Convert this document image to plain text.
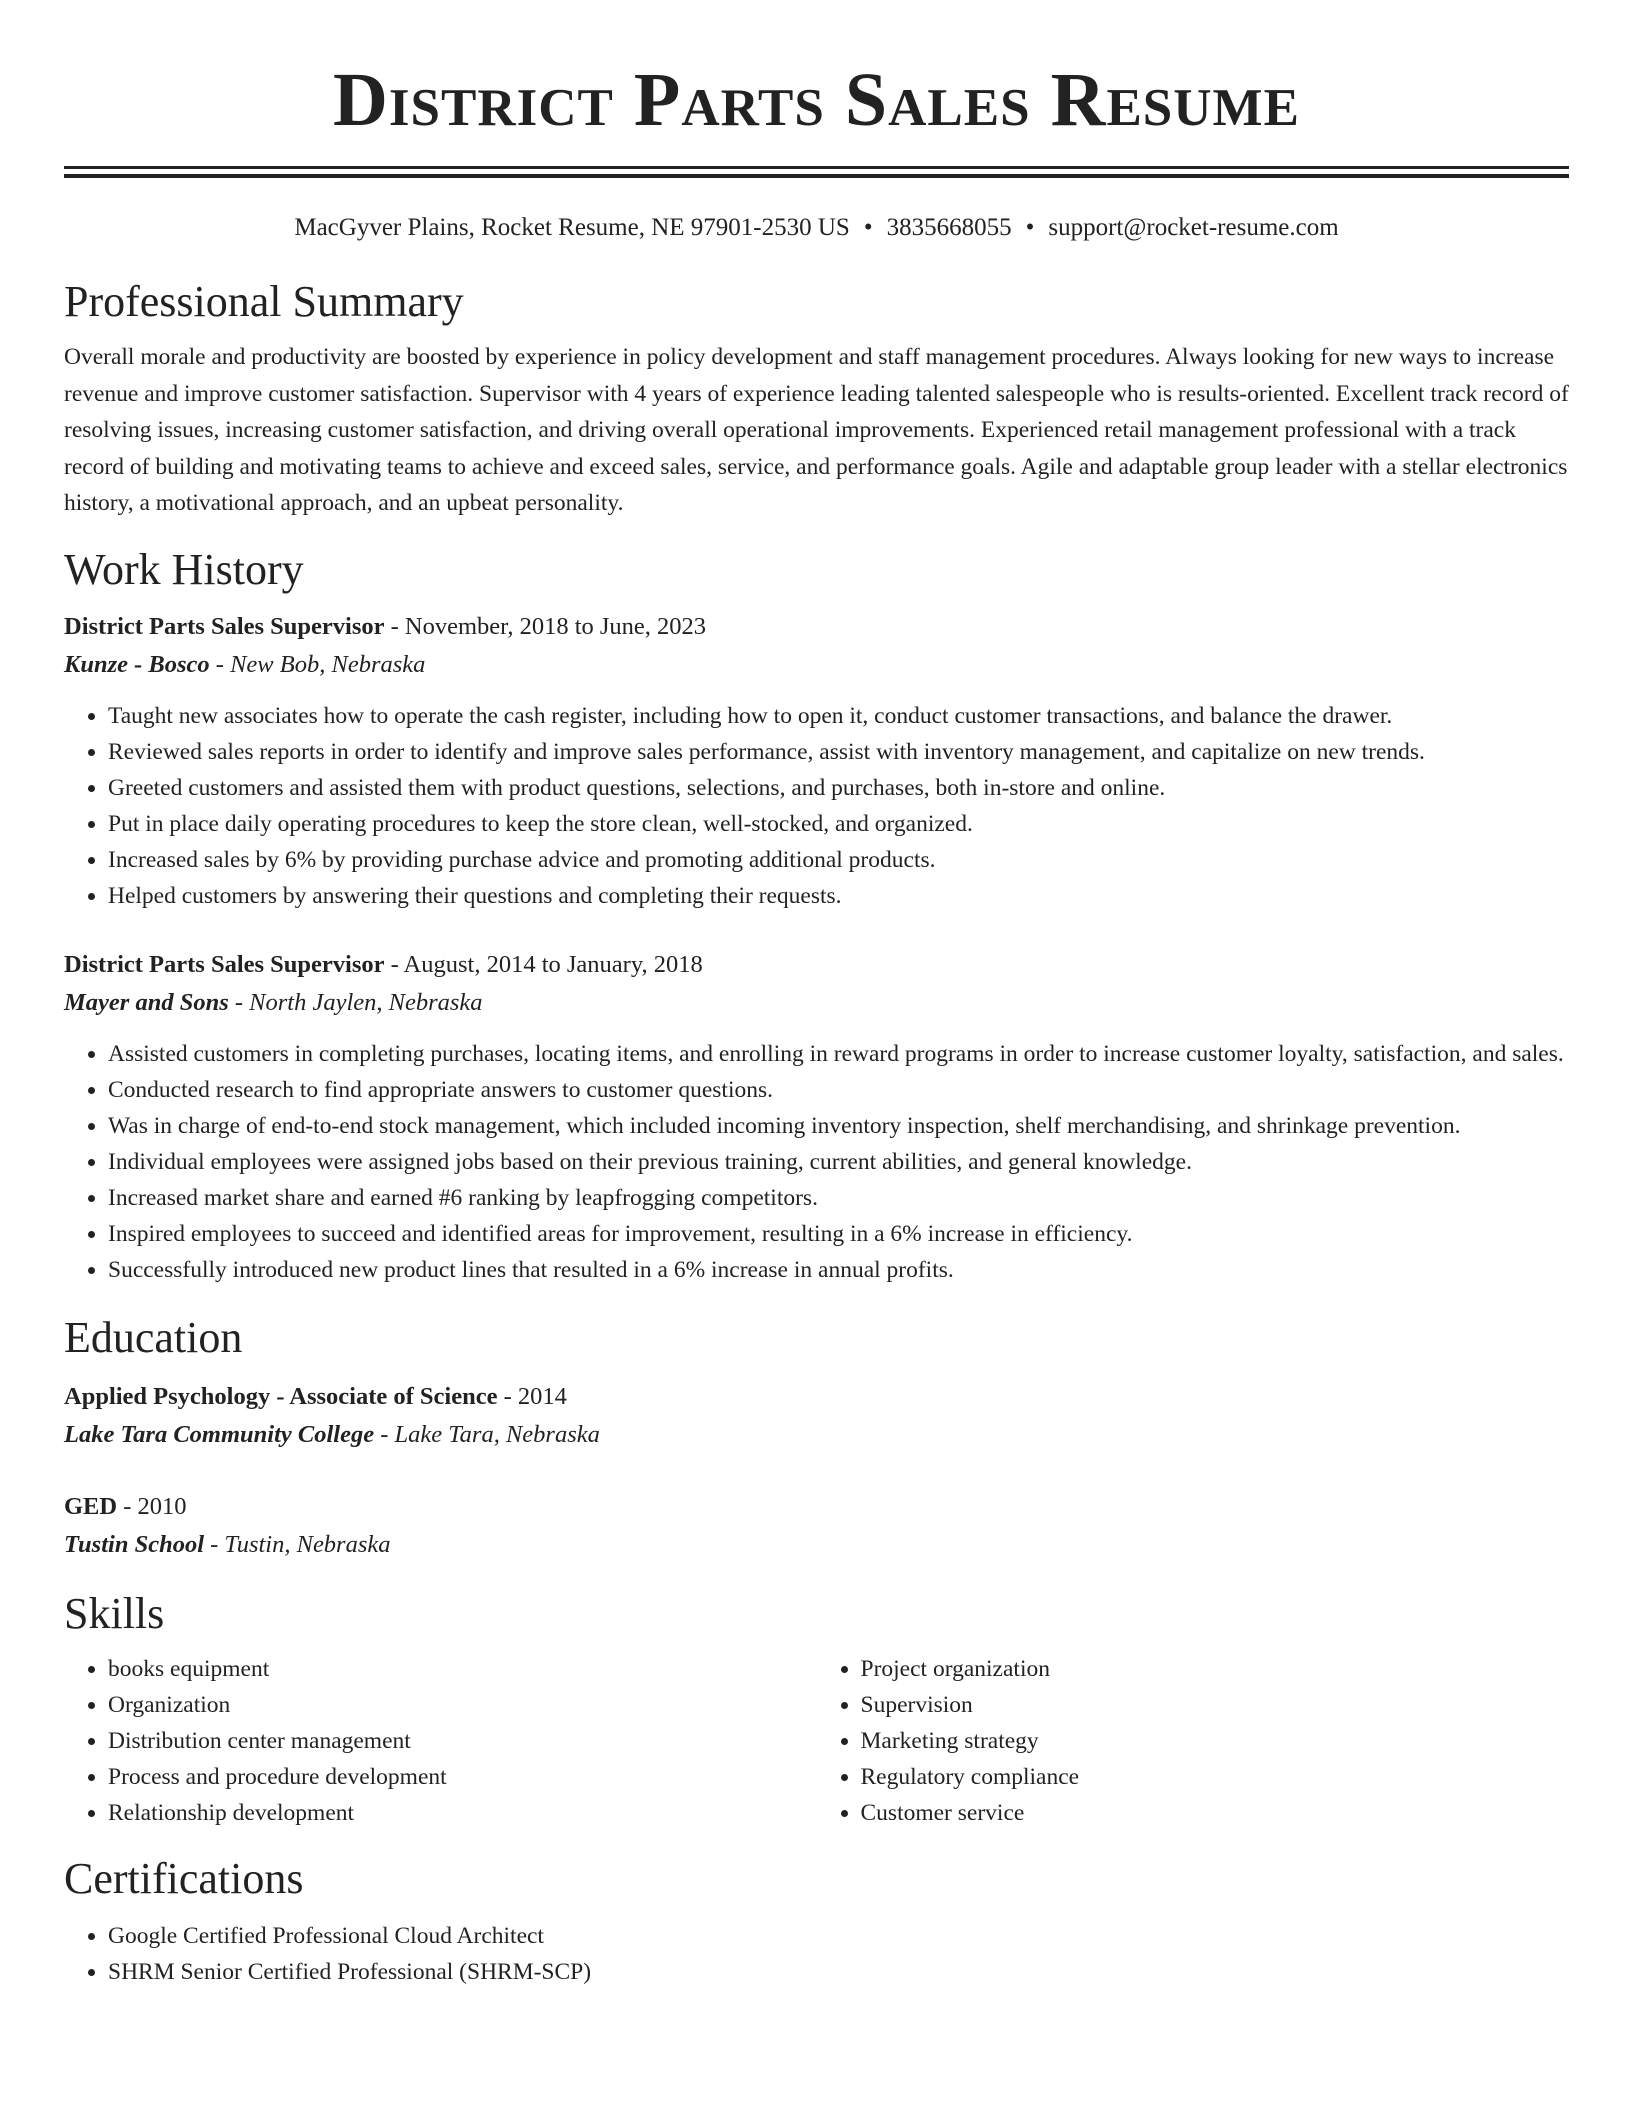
District Parts Sales Resume
MacGyver Plains, Rocket Resume, NE 97901-2530 US • 3835668055 • support@rocket-resume.com
Professional Summary

Overall morale and productivity are boosted by experience in policy development and staff management procedures. Always looking for new ways to increase revenue and improve customer satisfaction. Supervisor with 4 years of experience leading talented salespeople who is results-oriented. Excellent track record of resolving issues, increasing customer satisfaction, and driving overall operational improvements. Experienced retail management professional with a track record of building and motivating teams to achieve and exceed sales, service, and performance goals. Agile and adaptable group leader with a stellar electronics history, a motivational approach, and an upbeat personality.

Work History
District Parts Sales Supervisor - November, 2018 to June, 2023
Kunze - Bosco - New Bob, Nebraska
• Taught new associates how to operate the cash register, including how to open it, conduct customer transactions, and balance the drawer.
• Reviewed sales reports in order to identify and improve sales performance, assist with inventory management, and capitalize on new trends.
• Greeted customers and assisted them with product questions, selections, and purchases, both in-store and online.
• Put in place daily operating procedures to keep the store clean, well-stocked, and organized.
• Increased sales by 6% by providing purchase advice and promoting additional products.
• Helped customers by answering their questions and completing their requests.
District Parts Sales Supervisor - August, 2014 to January, 2018
Mayer and Sons - North Jaylen, Nebraska
• Assisted customers in completing purchases, locating items, and enrolling in reward programs in order to increase customer loyalty, satisfaction, and sales.
• Conducted research to find appropriate answers to customer questions.
• Was in charge of end-to-end stock management, which included incoming inventory inspection, shelf merchandising, and shrinkage prevention.
• Individual employees were assigned jobs based on their previous training, current abilities, and general knowledge.
• Increased market share and earned #6 ranking by leapfrogging competitors.
• Inspired employees to succeed and identified areas for improvement, resulting in a 6% increase in efficiency.
• Successfully introduced new product lines that resulted in a 6% increase in annual profits.
Education
Applied Psychology - Associate of Science - 2014
Lake Tara Community College - Lake Tara, Nebraska
GED - 2010
Tustin School - Tustin, Nebraska
Skills
• books equipment
• Organization
• Distribution center management
• Process and procedure development
• Relationship development
• Project organization
• Supervision
• Marketing strategy
• Regulatory compliance
• Customer service
Certifications
• Google Certified Professional Cloud Architect
• SHRM Senior Certified Professional (SHRM-SCP)
